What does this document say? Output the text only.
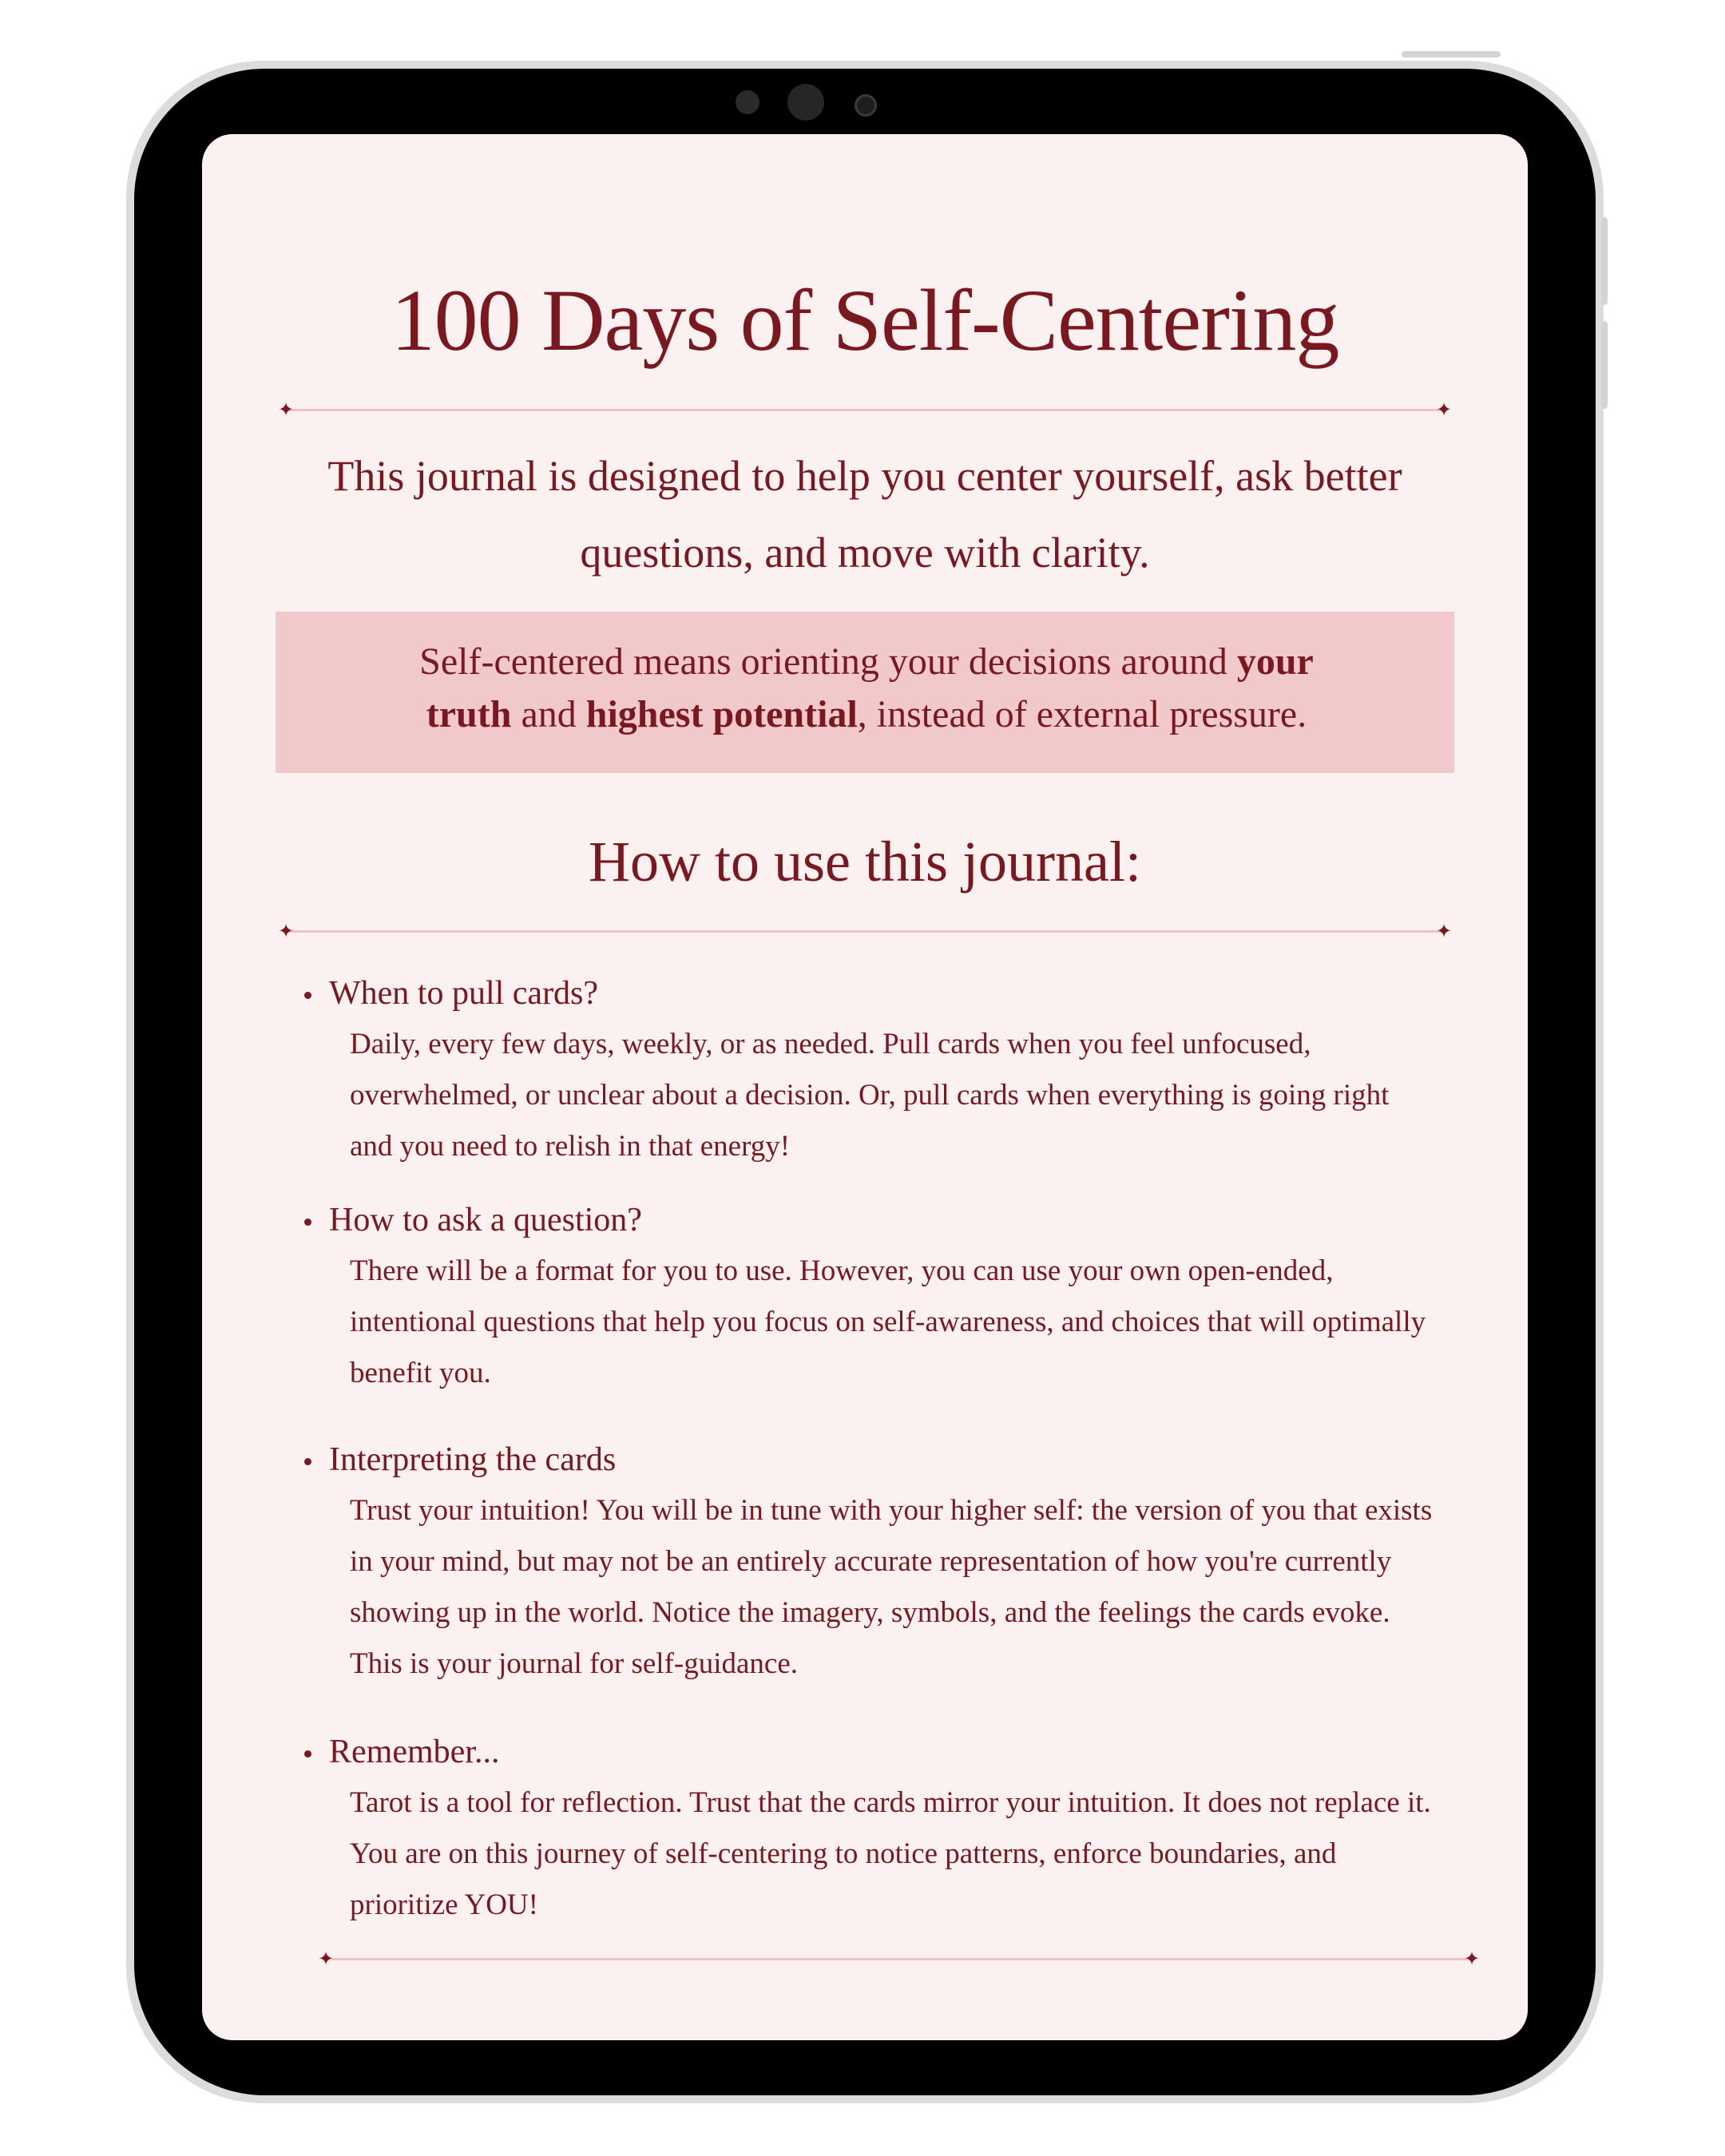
100 Days of Self-Centering
✦	✦
This journal is designed to help you center yourself, ask better questions, and move with clarity.
Self-centered means orienting your decisions around your truth and highest potential, instead of external pressure.
How to use this journal:
✦	✦
When to pull cards?
Daily, every few days, weekly, or as needed. Pull cards when you feel unfocused, overwhelmed, or unclear about a decision. Or, pull cards when everything is going right and you need to relish in that energy!
How to ask a question?
There will be a format for you to use. However, you can use your own open-ended, intentional questions that help you focus on self-awareness, and choices that will optimally benefit you.
Interpreting the cards
Trust your intuition! You will be in tune with your higher self: the version of you that exists in your mind, but may not be an entirely accurate representation of how you're currently showing up in the world. Notice the imagery, symbols, and the feelings the cards evoke. This is your journal for self-guidance.
Remember...
Tarot is a tool for reflection. Trust that the cards mirror your intuition. It does not replace it. You are on this journey of self-centering to notice patterns, enforce boundaries, and prioritize YOU!
✦	✦
